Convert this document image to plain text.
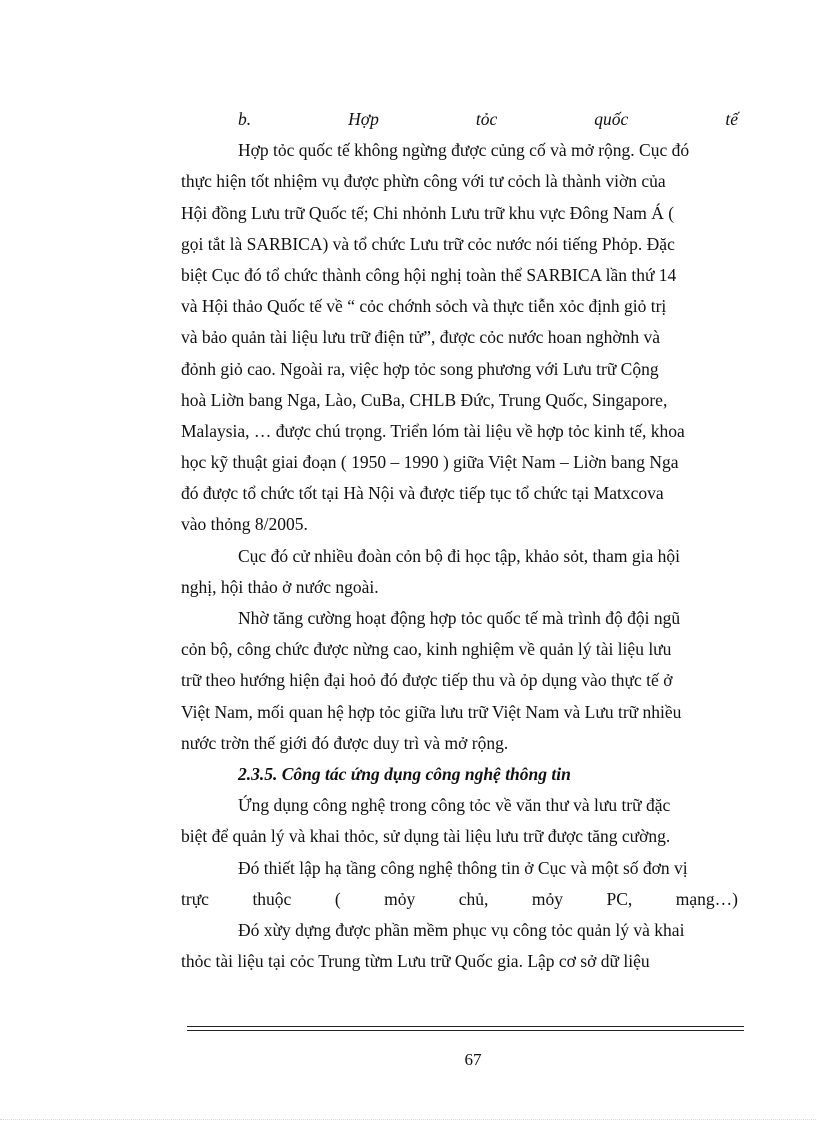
b.	Hợp	tỏc	quốc	tế
Hợp tỏc quốc tế không ngừng được củng cố và mở rộng. Cục đó
thực hiện tốt nhiệm vụ được phừn công với tư cỏch là thành viờn của
Hội đồng Lưu trữ Quốc tế; Chi nhỏnh Lưu trữ khu vực Đông Nam Á (
gọi tắt là SARBICA) và tổ chức Lưu trữ cỏc nước nói tiếng Phỏp. Đặc
biệt Cục đó tổ chức thành công hội nghị toàn thể SARBICA lần thứ 14
và Hội thảo Quốc tế về “ cỏc chớnh sỏch và thực tiễn xỏc định giỏ trị
và bảo quản tài liệu lưu trữ điện tử”, được cỏc nước hoan nghờnh và
đỏnh giỏ cao. Ngoài ra, việc hợp tỏc song phương với Lưu trữ Cộng
hoà Liờn bang Nga, Lào, CuBa, CHLB Đức, Trung Quốc, Singapore,
Malaysia, … được chú trọng. Triển lóm tài liệu về hợp tỏc kinh tế, khoa
học kỹ thuật giai đoạn ( 1950 – 1990 ) giữa Việt Nam – Liờn bang Nga
đó được tổ chức tốt tại Hà Nội và được tiếp tục tổ chức tại Matxcova
vào thỏng 8/2005.
Cục đó cử nhiều đoàn cỏn bộ đi học tập, khảo sỏt, tham gia hội
nghị, hội thảo ở nước ngoài.
Nhờ tăng cường hoạt động hợp tỏc quốc tế mà trình độ đội ngũ
cỏn bộ, công chức được nừng cao, kinh nghiệm về quản lý tài liệu lưu
trữ theo hướng hiện đại hoỏ đó được tiếp thu và ỏp dụng vào thực tế ở
Việt Nam, mối quan hệ hợp tỏc giữa lưu trữ Việt Nam và Lưu trữ nhiều
nước trờn thế giới đó được duy trì và mở rộng.
2.3.5. Công tác ứng dụng công nghệ thông tin
Ứng dụng công nghệ trong công tỏc về văn thư và lưu trữ đặc
biệt để quản lý và khai thỏc, sử dụng tài liệu lưu trữ được tăng cường.
Đó thiết lập hạ tầng công nghệ thông tin ở Cục và một số đơn vị
trực thuộc ( mỏy chủ, mỏy PC, mạng…)
Đó xừy dựng được phần mềm phục vụ công tỏc quản lý và khai
thỏc tài liệu tại cỏc Trung từm Lưu trữ Quốc gia. Lập cơ sở dữ liệu
67
